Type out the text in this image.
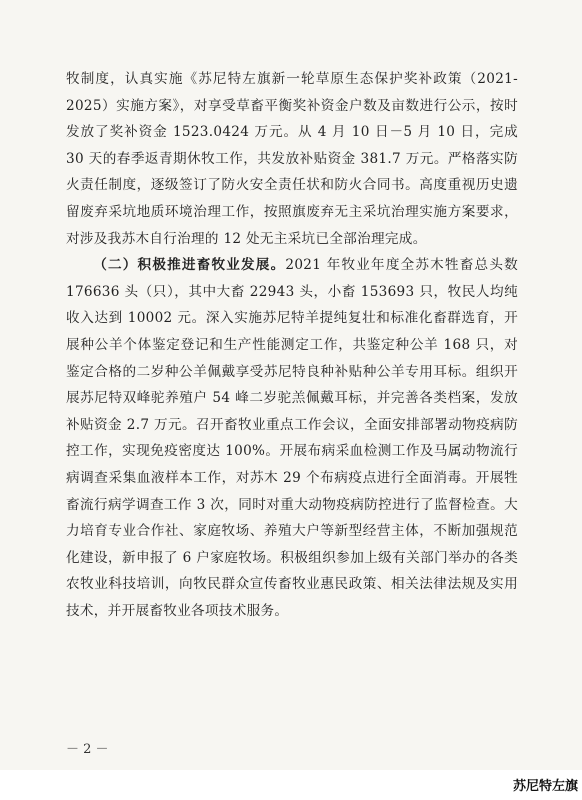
牧制度，认真实施《苏尼特左旗新一轮草原生态保护奖补政策（2021-2025）实施方案》，对享受草畜平衡奖补资金户数及亩数进行公示，按时发放了奖补资金 1523.0424 万元。从 4 月 10 日－5 月 10 日，完成 30 天的春季返青期休牧工作，共发放补贴资金 381.7 万元。严格落实防火责任制度，逐级签订了防火安全责任状和防火合同书。高度重视历史遗留废弃采坑地质环境治理工作，按照旗废弃无主采坑治理实施方案要求，对涉及我苏木自行治理的 12 处无主采坑已全部治理完成。

（二）积极推进畜牧业发展。2021 年牧业年度全苏木牲畜总头数 176636 头（只），其中大畜 22943 头，小畜 153693 只，牧民人均纯收入达到 10002 元。深入实施苏尼特羊提纯复壮和标准化畜群选育，开展种公羊个体鉴定登记和生产性能测定工作，共鉴定种公羊 168 只，对鉴定合格的二岁种公羊佩戴享受苏尼特良种补贴种公羊专用耳标。组织开展苏尼特双峰驼养殖户 54 峰二岁驼羔佩戴耳标，并完善各类档案，发放补贴资金 2.7 万元。召开畜牧业重点工作会议，全面安排部署动物疫病防控工作，实现免疫密度达 100%。开展布病采血检测工作及马属动物流行病调查采集血液样本工作，对苏木 29 个布病疫点进行全面消毒。开展牲畜流行病学调查工作 3 次，同时对重大动物疫病防控进行了监督检查。大力培育专业合作社、家庭牧场、养殖大户等新型经营主体，不断加强规范化建设，新申报了 6 户家庭牧场。积极组织参加上级有关部门举办的各类农牧业科技培训，向牧民群众宣传畜牧业惠民政策、相关法律法规及实用技术，并开展畜牧业各项技术服务。

－ 2 －
苏尼特左旗
